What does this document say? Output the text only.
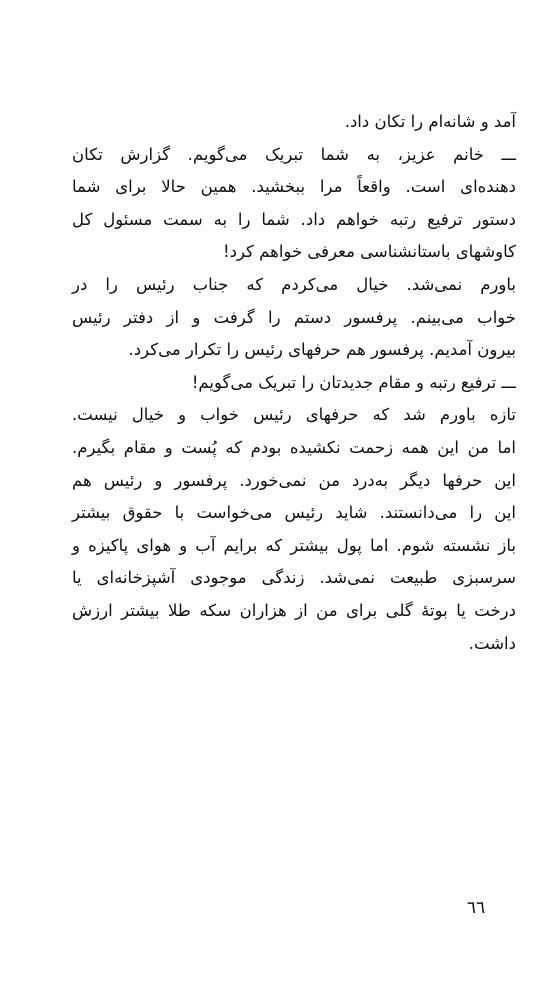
آمد و شانه‌ام را تکان داد.
ـــ خانم عزیز، به شما تبریک می‌گویم. گزارش تکان
دهنده‌ای است. واقعاً مرا ببخشید. همین حالا برای شما
دستور ترفیع رتبه خواهم داد. شما را به سمت مسئول کل
کاوشهای باستانشناسی معرفی خواهم کرد!
باورم نمی‌شد. خیال می‌کردم که جناب رئیس را در
خواب می‌بینم. پرفسور دستم را گرفت و از دفتر رئیس
بیرون آمدیم. پرفسور هم حرفهای رئیس را تکرار می‌کرد.
ـــ ترفیع رتبه و مقام جدیدتان را تبریک می‌گویم!
تازه باورم شد که حرفهای رئیس خواب و خیال نیست.
اما من این همه زحمت نکشیده بودم که پُست و مقام بگیرم.
این حرفها دیگر به‌درد من نمی‌خورد. پرفسور و رئیس هم
این را می‌دانستند. شاید رئیس می‌خواست با حقوق بیشتر
باز نشسته شوم. اما پول بیشتر که برایم آب و هوای پاکیزه و
سرسبزی طبیعت نمی‌شد. زندگی موجودی آشپزخانه‌ای یا
درخت یا بوتهٔ گلی برای من از هزاران سکه طلا بیشتر ارزش
داشت.
٦٦
